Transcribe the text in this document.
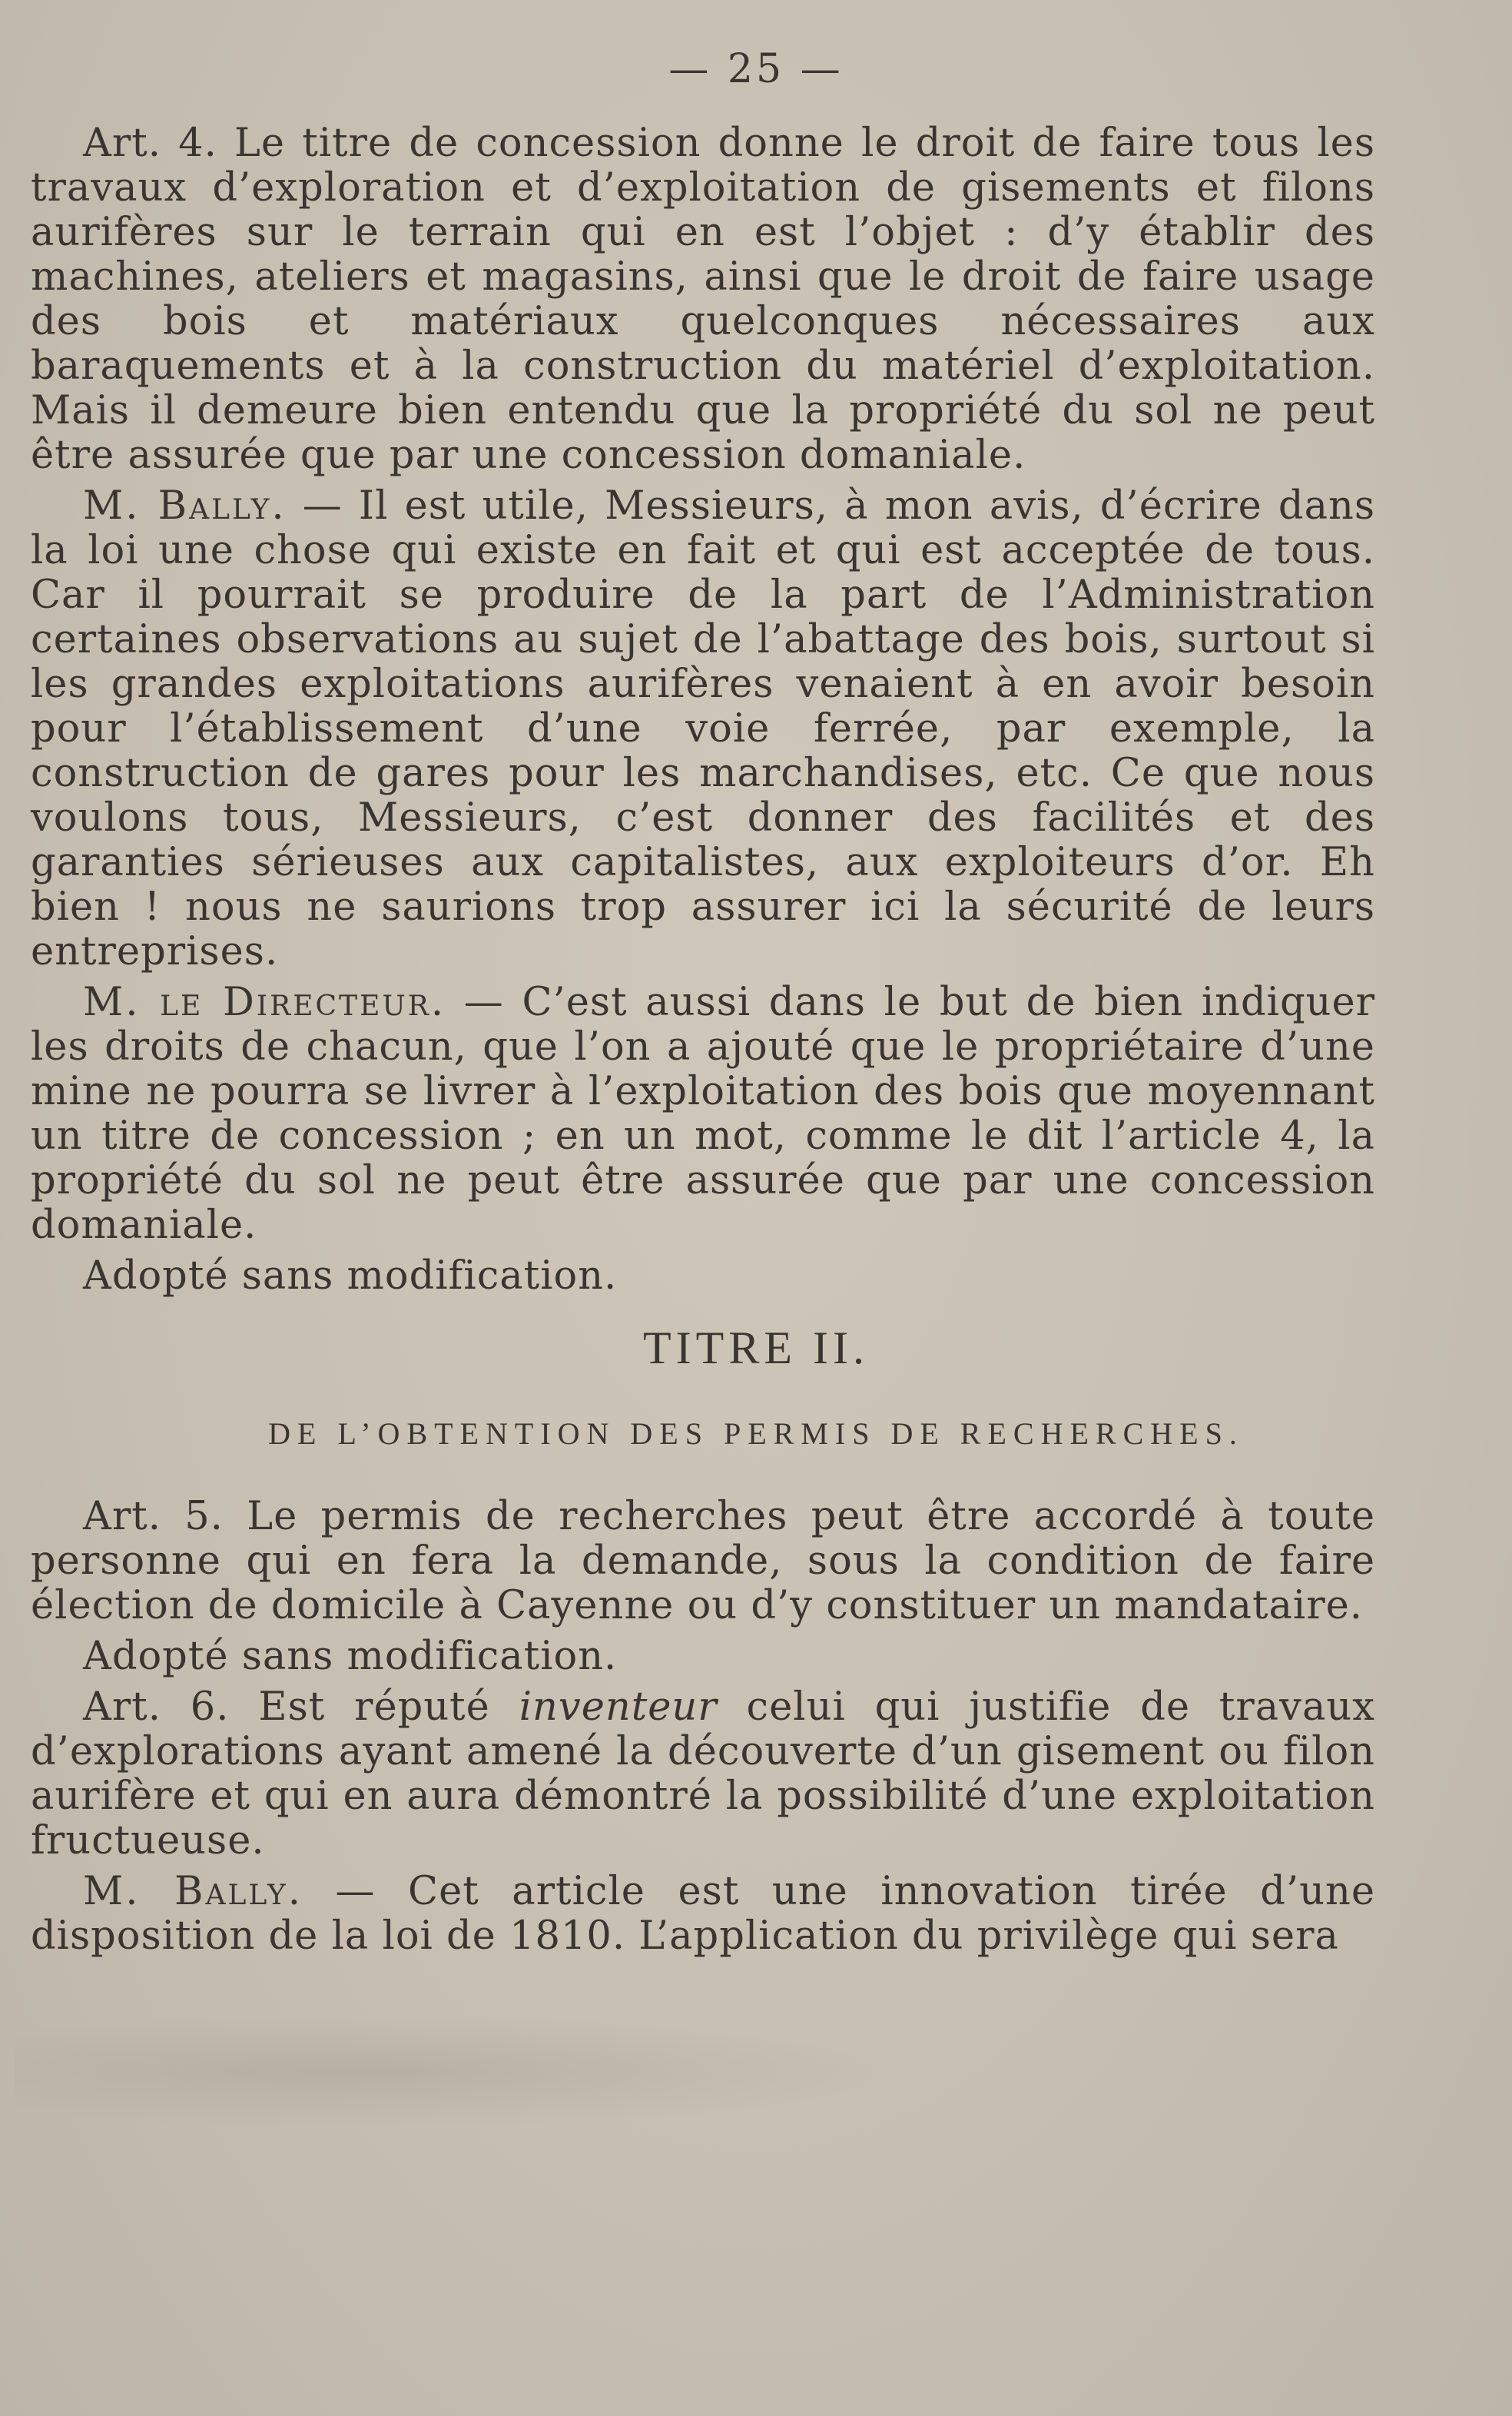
— 25 —

Art. 4. Le titre de concession donne le droit de faire tous les travaux d’exploration et d’exploitation de gisements et filons aurifères sur le terrain qui en est l’objet : d’y établir des machines, ateliers et magasins, ainsi que le droit de faire usage des bois et matériaux quelconques nécessaires aux baraquements et à la construction du matériel d’exploitation. Mais il demeure bien entendu que la propriété du sol ne peut être assurée que par une concession domaniale.

M. Bally. — Il est utile, Messieurs, à mon avis, d’écrire dans la loi une chose qui existe en fait et qui est acceptée de tous. Car il pourrait se produire de la part de l’Administration certaines observations au sujet de l’abattage des bois, surtout si les grandes exploitations aurifères venaient à en avoir besoin pour l’établissement d’une voie ferrée, par exemple, la construction de gares pour les marchandises, etc. Ce que nous voulons tous, Messieurs, c’est donner des facilités et des garanties sérieuses aux capitalistes, aux exploiteurs d’or. Eh bien ! nous ne saurions trop assurer ici la sécurité de leurs entreprises.

M. le Directeur. — C’est aussi dans le but de bien indiquer les droits de chacun, que l’on a ajouté que le propriétaire d’une mine ne pourra se livrer à l’exploitation des bois que moyennant un titre de concession ; en un mot, comme le dit l’article 4, la propriété du sol ne peut être assurée que par une concession domaniale.

Adopté sans modification.

TITRE II.
DE L’OBTENTION DES PERMIS DE RECHERCHES.

Art. 5. Le permis de recherches peut être accordé à toute personne qui en fera la demande, sous la condition de faire élection de domicile à Cayenne ou d’y constituer un mandataire.

Adopté sans modification.

Art. 6. Est réputé inventeur celui qui justifie de travaux d’explorations ayant amené la découverte d’un gisement ou filon aurifère et qui en aura démontré la possibilité d’une exploitation fructueuse.

M. Bally. — Cet article est une innovation tirée d’une disposition de la loi de 1810. L’application du privilège qui sera
